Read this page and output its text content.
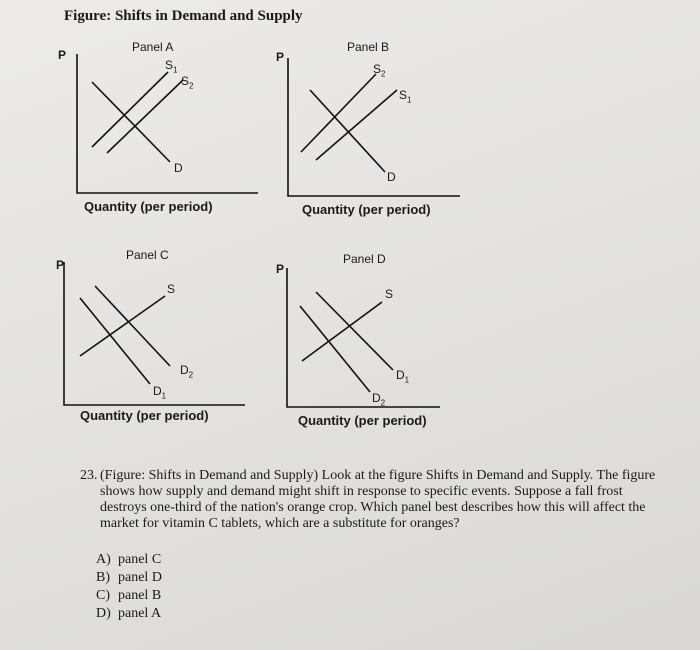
Figure: Shifts in Demand and Supply
Panel A
P
$S_1$
$S_2$
D
Quantity (per period)
Panel B
P
$S_2$
$S_1$
D
Quantity (per period)
Panel C
P
S
$D_2$
$D_1$
Quantity (per period)
Panel D
P
S
$D_1$
$D_2$
Quantity (per period)
23. (Figure: Shifts in Demand and Supply) Look at the figure Shifts in Demand and Supply. The figure shows how supply and demand might shift in response to specific events. Suppose a fall frost destroys one-third of the nation's orange crop. Which panel best describes how this will affect the market for vitamin C tablets, which are a substitute for oranges?
A) panel C
B) panel D
C) panel B
D) panel A
